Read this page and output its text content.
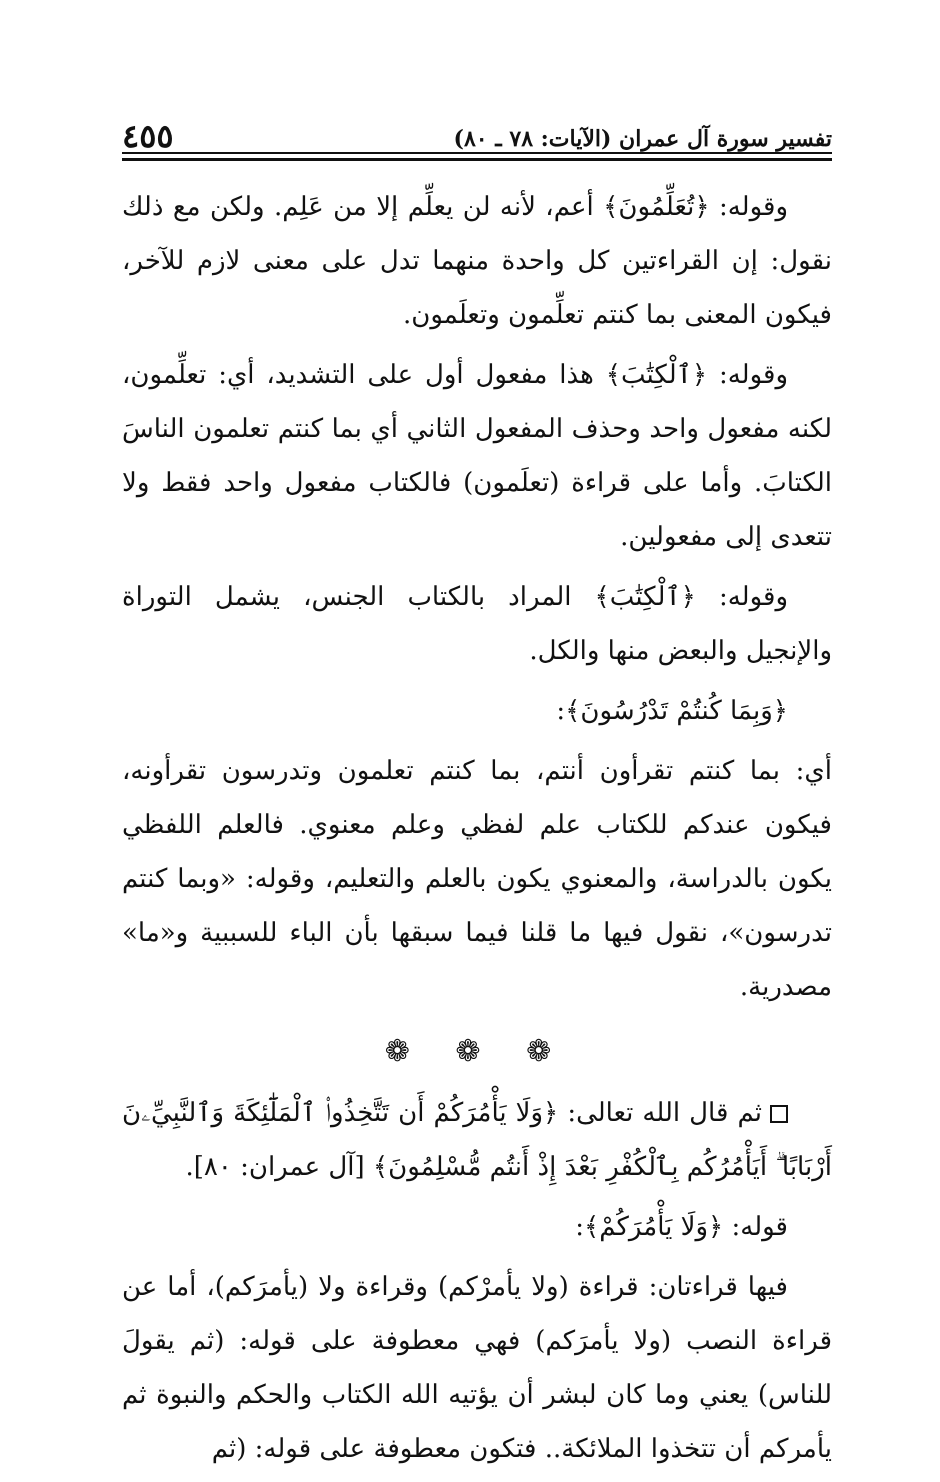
تفسير سورة آل عمران (الآيات: ٧٨ ـ ٨٠)
٤٥٥

وقوله: ﴿تُعَلِّمُونَ﴾ أعم، لأنه لن يعلِّم إلا من عَلِم. ولكن مع ذلك نقول: إن القراءتين كل واحدة منهما تدل على معنى لازم للآخر، فيكون المعنى بما كنتم تعلِّمون وتعلَمون.

وقوله: ﴿ٱلْكِتَٰبَ﴾ هذا مفعول أول على التشديد، أي: تعلِّمون، لكنه مفعول واحد وحذف المفعول الثاني أي بما كنتم تعلمون الناسَ الكتابَ. وأما على قراءة (تعلَمون) فالكتاب مفعول واحد فقط ولا تتعدى إلى مفعولين.

وقوله: ﴿ٱلْكِتَٰبَ﴾ المراد بالكتاب الجنس، يشمل التوراة والإنجيل والبعض منها والكل.

﴿وَبِمَا كُنتُمْ تَدْرُسُونَ﴾:

أي: بما كنتم تقرأون أنتم، بما كنتم تعلمون وتدرسون تقرأونه، فيكون عندكم للكتاب علم لفظي وعلم معنوي. فالعلم اللفظي يكون بالدراسة، والمعنوي يكون بالعلم والتعليم، وقوله: «وبما كنتم تدرسون»، نقول فيها ما قلنا فيما سبقها بأن الباء للسببية و«ما» مصدرية.

❁ ❁ ❁

ثم قال الله تعالى: ﴿وَلَا يَأْمُرَكُمْ أَن تَتَّخِذُوا۟ ٱلْمَلَٰٓئِكَةَ وَٱلنَّبِيِّۦنَ أَرْبَابًا ۗ أَيَأْمُرُكُم بِٱلْكُفْرِ بَعْدَ إِذْ أَنتُم مُّسْلِمُونَ﴾ [آل عمران: ٨٠].

قوله: ﴿وَلَا يَأْمُرَكُمْ﴾:

فيها قراءتان: قراءة (ولا يأمرْكم) وقراءة ولا (يأمرَكم)، أما عن قراءة النصب (ولا يأمرَكم) فهي معطوفة على قوله: (ثم يقولَ للناس) يعني وما كان لبشر أن يؤتيه الله الكتاب والحكم والنبوة ثم يأمركم أن تتخذوا الملائكة.. فتكون معطوفة على قوله: (ثم
